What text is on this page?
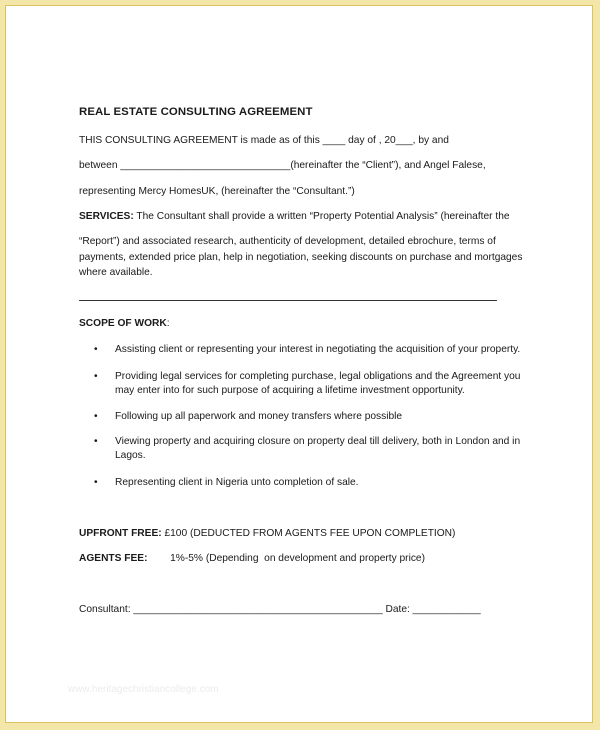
REAL ESTATE CONSULTING AGREEMENT
THIS CONSULTING AGREEMENT is made as of this ____ day of , 20___, by and
between ______________________________(hereinafter the “Client”), and Angel Falese,
representing Mercy HomesUK, (hereinafter the “Consultant.”)
SERVICES: The Consultant shall provide a written “Property Potential Analysis” (hereinafter the
“Report”) and associated research, authenticity of development, detailed ebrochure, terms of
payments, extended price plan, help in negotiation, seeking discounts on purchase and mortgages
where available.
SCOPE OF WORK:
• Assisting client or representing your interest in negotiating the acquisition of your property.
• Providing legal services for completing purchase, legal obligations and the Agreement you may enter into for such purpose of acquiring a lifetime investment opportunity.
• Following up all paperwork and money transfers where possible
• Viewing property and acquiring closure on property deal till delivery, both in London and in Lagos.
• Representing client in Nigeria unto completion of sale.
UPFRONT FREE: £100 (DEDUCTED FROM AGENTS FEE UPON COMPLETION)
AGENTS FEE:        1%-5% (Depending  on development and property price)
Consultant: ____________________________________________ Date: ____________
www.heritagechristiancollege.com
